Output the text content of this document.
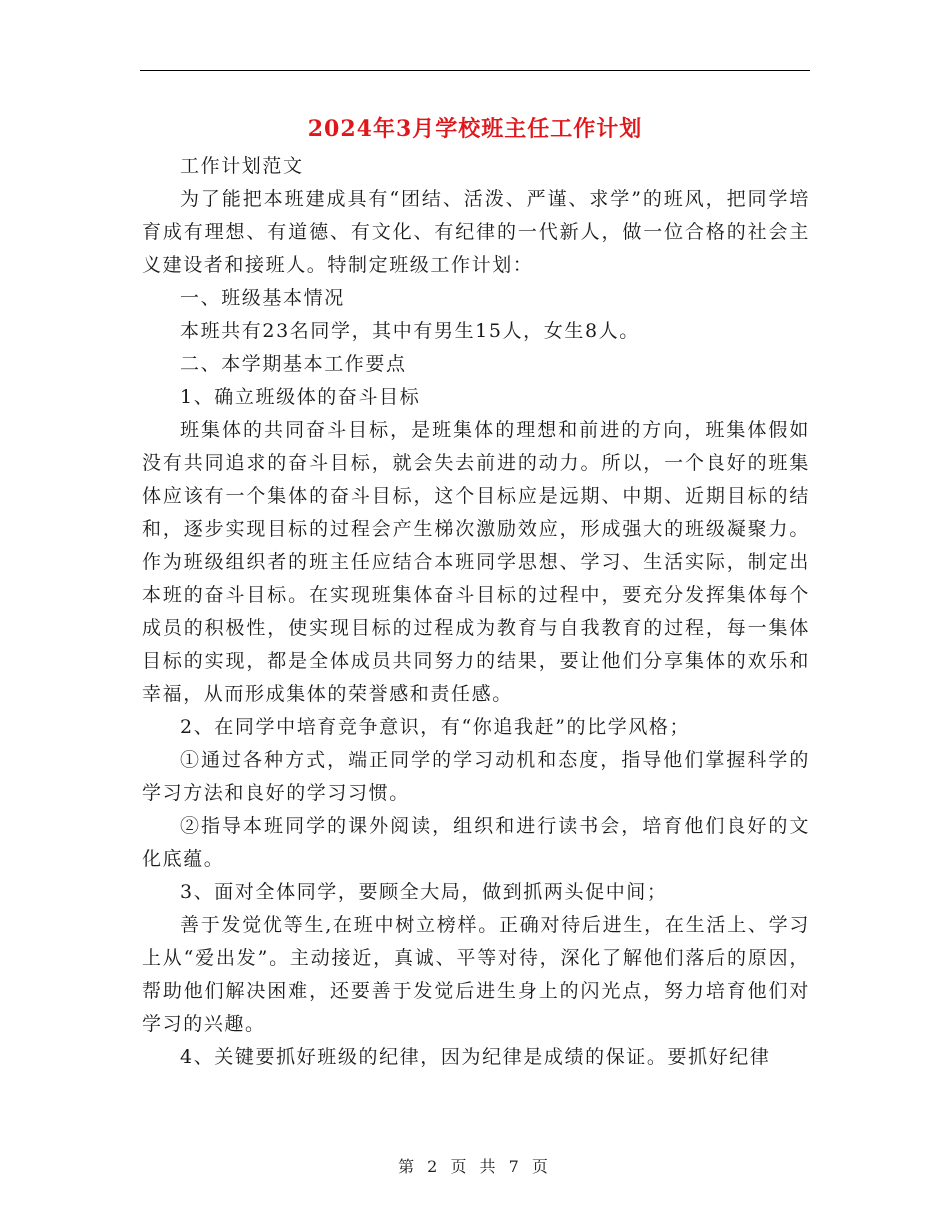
2024年3月学校班主任工作计划

工作计划范文

为了能把本班建成具有“团结、活泼、严谨、求学”的班风，把同学培育成有理想、有道德、有文化、有纪律的一代新人，做一位合格的社会主义建设者和接班人。特制定班级工作计划：

一、班级基本情况

本班共有23名同学，其中有男生15人，女生8人。

二、本学期基本工作要点

1、确立班级体的奋斗目标

班集体的共同奋斗目标，是班集体的理想和前进的方向，班集体假如没有共同追求的奋斗目标，就会失去前进的动力。所以，一个良好的班集体应该有一个集体的奋斗目标，这个目标应是远期、中期、近期目标的结和，逐步实现目标的过程会产生梯次激励效应，形成强大的班级凝聚力。作为班级组织者的班主任应结合本班同学思想、学习、生活实际，制定出本班的奋斗目标。在实现班集体奋斗目标的过程中，要充分发挥集体每个成员的积极性，使实现目标的过程成为教育与自我教育的过程，每一集体目标的实现，都是全体成员共同努力的结果，要让他们分享集体的欢乐和幸福，从而形成集体的荣誉感和责任感。

2、在同学中培育竞争意识，有“你追我赶”的比学风格；

①通过各种方式，端正同学的学习动机和态度，指导他们掌握科学的学习方法和良好的学习习惯。

②指导本班同学的课外阅读，组织和进行读书会，培育他们良好的文化底蕴。

3、面对全体同学，要顾全大局，做到抓两头促中间；

善于发觉优等生,在班中树立榜样。正确对待后进生，在生活上、学习上从“爱出发”。主动接近，真诚、平等对待，深化了解他们落后的原因，帮助他们解决困难，还要善于发觉后进生身上的闪光点，努力培育他们对学习的兴趣。

4、关键要抓好班级的纪律，因为纪律是成绩的保证。要抓好纪律

第 2 页 共 7 页
